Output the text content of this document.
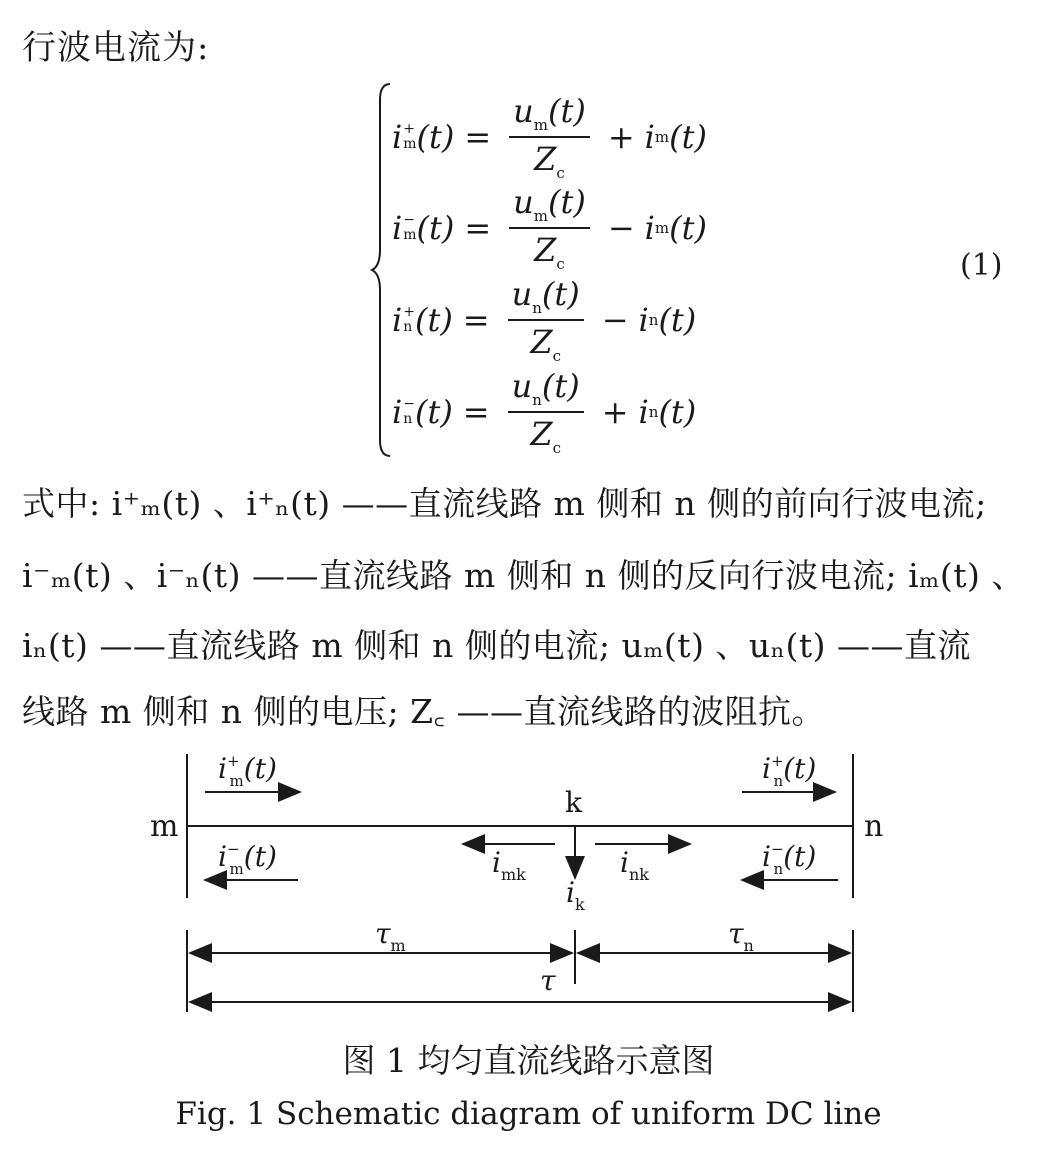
行波电流为:
i +
m $(t) = \frac{u_m(t)}{Z_c} + i$ m (t)
i −
m $(t) = \frac{u_m(t)}{Z_c} - i$ m (t)
i +
n $(t) = \frac{u_n(t)}{Z_c} - i$ n (t)
i −
n $(t) = \frac{u_n(t)}{Z_c} + i$ n (t)
(1)
式中: i⁺ₘ(t) 、i⁺ₙ(t) ——直流线路 m 侧和 n 侧的前向行波电流;
i⁻ₘ(t) 、i⁻ₙ(t) ——直流线路 m 侧和 n 侧的反向行波电流; iₘ(t) 、
iₙ(t) ——直流线路 m 侧和 n 侧的电流; uₘ(t) 、uₙ(t) ——直流
线路 m 侧和 n 侧的电压; Z꜀ ——直流线路的波阻抗。
m	n
k
i+ m(t)
i− m(t)
i+ n(t)
i− n(t)
$i_{mk}$	$i_{nk}$
$i_k$
$\tau_m$	$\tau_n$
τ
图 1 均匀直流线路示意图
Fig. 1 Schematic diagram of uniform DC line
